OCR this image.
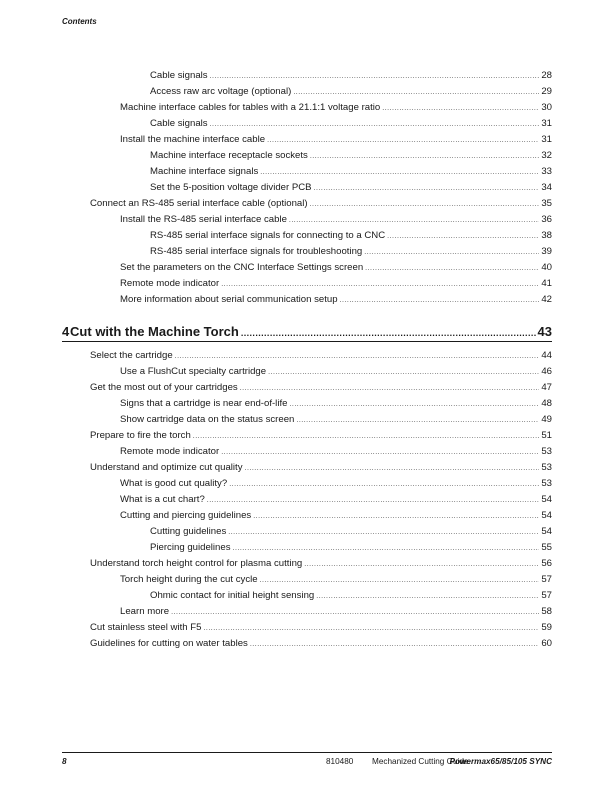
Contents
Cable signals .....	28
Access raw arc voltage (optional) .....	29
Machine interface cables for tables with a 21.1:1 voltage ratio .....	30
Cable signals .....	31
Install the machine interface cable .....	31
Machine interface receptacle sockets .....	32
Machine interface signals .....	33
Set the 5-position voltage divider PCB .....	34
Connect an RS-485 serial interface cable (optional) .....	35
Install the RS-485 serial interface cable .....	36
RS-485 serial interface signals for connecting to a CNC .....	38
RS-485 serial interface signals for troubleshooting .....	39
Set the parameters on the CNC Interface Settings screen .....	40
Remote mode indicator .....	41
More information about serial communication setup .....	42
4 Cut with the Machine Torch .....	43
Select the cartridge .....	44
Use a FlushCut specialty cartridge .....	46
Get the most out of your cartridges .....	47
Signs that a cartridge is near end-of-life .....	48
Show cartridge data on the status screen .....	49
Prepare to fire the torch .....	51
Remote mode indicator .....	53
Understand and optimize cut quality .....	53
What is good cut quality? .....	53
What is a cut chart? .....	54
Cutting and piercing guidelines .....	54
Cutting guidelines .....	54
Piercing guidelines .....	55
Understand torch height control for plasma cutting .....	56
Torch height during the cut cycle .....	57
Ohmic contact for initial height sensing .....	57
Learn more .....	58
Cut stainless steel with F5 .....	59
Guidelines for cutting on water tables .....	60
8	810480 Mechanized Cutting Guide
Powermax65/85/105 SYNC
